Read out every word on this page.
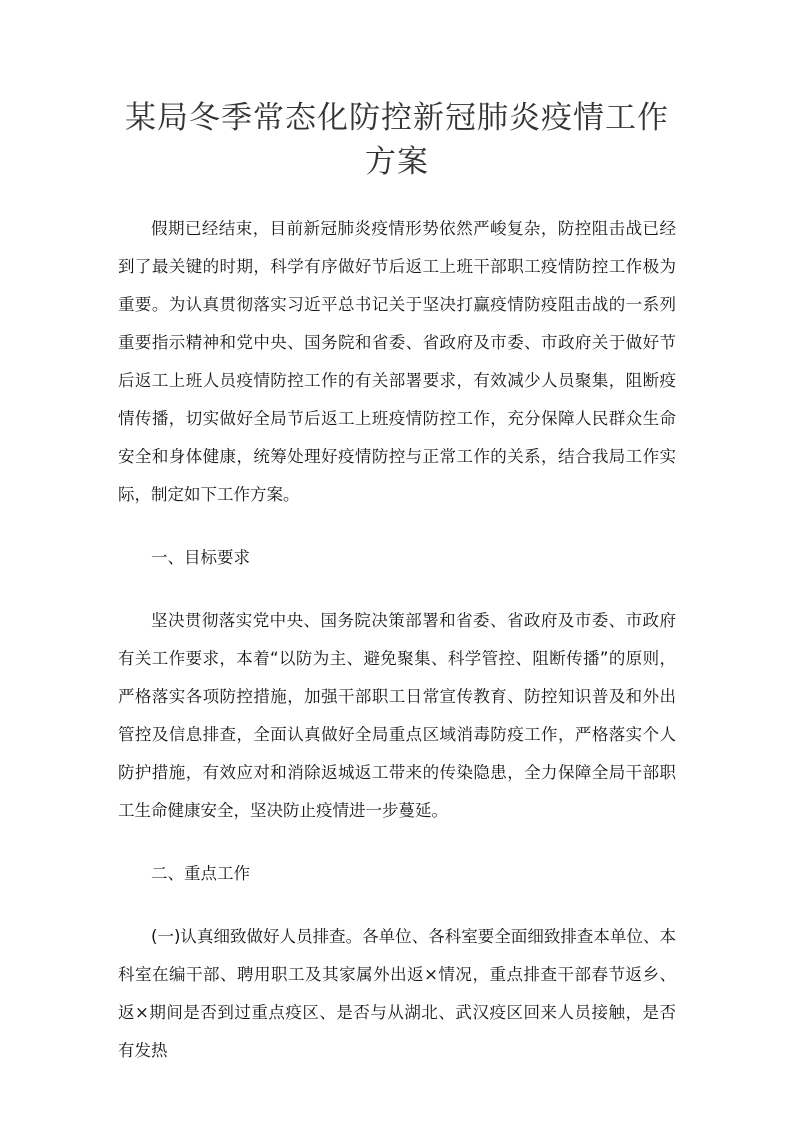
某局冬季常态化防控新冠肺炎疫情工作方案

假期已经结束，目前新冠肺炎疫情形势依然严峻复杂，防控阻击战已经到了最关键的时期，科学有序做好节后返工上班干部职工疫情防控工作极为重要。为认真贯彻落实习近平总书记关于坚决打赢疫情防疫阻击战的一系列重要指示精神和党中央、国务院和省委、省政府及市委、市政府关于做好节后返工上班人员疫情防控工作的有关部署要求，有效减少人员聚集，阻断疫情传播，切实做好全局节后返工上班疫情防控工作，充分保障人民群众生命安全和身体健康，统筹处理好疫情防控与正常工作的关系，结合我局工作实际，制定如下工作方案。

一、目标要求

坚决贯彻落实党中央、国务院决策部署和省委、省政府及市委、市政府有关工作要求，本着“以防为主、避免聚集、科学管控、阻断传播”的原则，严格落实各项防控措施，加强干部职工日常宣传教育、防控知识普及和外出管控及信息排查，全面认真做好全局重点区域消毒防疫工作，严格落实个人防护措施，有效应对和消除返城返工带来的传染隐患，全力保障全局干部职工生命健康安全，坚决防止疫情进一步蔓延。

二、重点工作

(一)认真细致做好人员排查。各单位、各科室要全面细致排查本单位、本科室在编干部、聘用职工及其家属外出返×情况，重点排查干部春节返乡、返×期间是否到过重点疫区、是否与从湖北、武汉疫区回来人员接触，是否有发热
